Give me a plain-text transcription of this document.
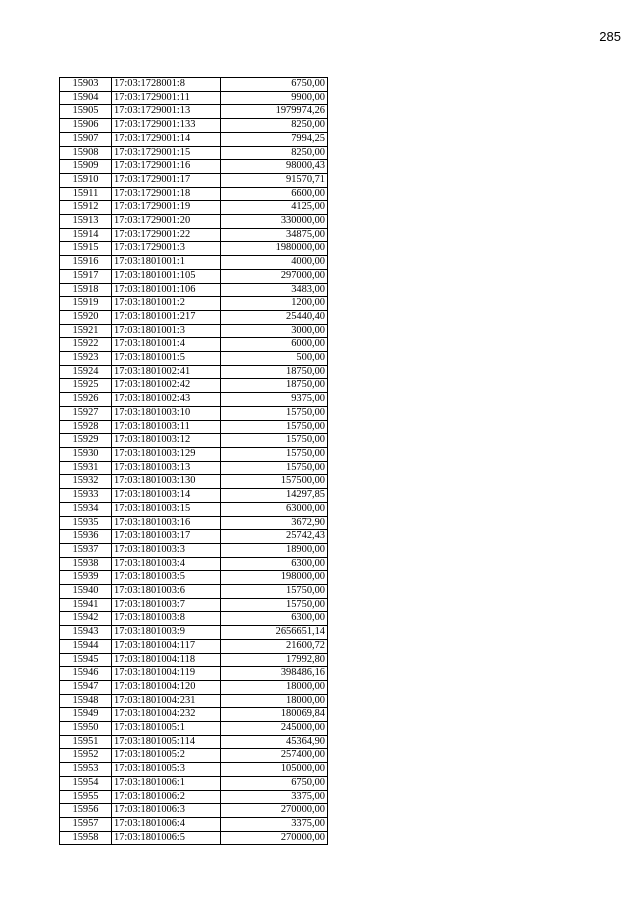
285
15903	17:03:1728001:8	6750,00
15904	17:03:1729001:11	9900,00
15905	17:03:1729001:13	1979974,26
15906	17:03:1729001:133	8250,00
15907	17:03:1729001:14	7994,25
15908	17:03:1729001:15	8250,00
15909	17:03:1729001:16	98000,43
15910	17:03:1729001:17	91570,71
15911	17:03:1729001:18	6600,00
15912	17:03:1729001:19	4125,00
15913	17:03:1729001:20	330000,00
15914	17:03:1729001:22	34875,00
15915	17:03:1729001:3	1980000,00
15916	17:03:1801001:1	4000,00
15917	17:03:1801001:105	297000,00
15918	17:03:1801001:106	3483,00
15919	17:03:1801001:2	1200,00
15920	17:03:1801001:217	25440,40
15921	17:03:1801001:3	3000,00
15922	17:03:1801001:4	6000,00
15923	17:03:1801001:5	500,00
15924	17:03:1801002:41	18750,00
15925	17:03:1801002:42	18750,00
15926	17:03:1801002:43	9375,00
15927	17:03:1801003:10	15750,00
15928	17:03:1801003:11	15750,00
15929	17:03:1801003:12	15750,00
15930	17:03:1801003:129	15750,00
15931	17:03:1801003:13	15750,00
15932	17:03:1801003:130	157500,00
15933	17:03:1801003:14	14297,85
15934	17:03:1801003:15	63000,00
15935	17:03:1801003:16	3672,90
15936	17:03:1801003:17	25742,43
15937	17:03:1801003:3	18900,00
15938	17:03:1801003:4	6300,00
15939	17:03:1801003:5	198000,00
15940	17:03:1801003:6	15750,00
15941	17:03:1801003:7	15750,00
15942	17:03:1801003:8	6300,00
15943	17:03:1801003:9	2656651,14
15944	17:03:1801004:117	21600,72
15945	17:03:1801004:118	17992,80
15946	17:03:1801004:119	398486,16
15947	17:03:1801004:120	18000,00
15948	17:03:1801004:231	18000,00
15949	17:03:1801004:232	180069,84
15950	17:03:1801005:1	245000,00
15951	17:03:1801005:114	45364,90
15952	17:03:1801005:2	257400,00
15953	17:03:1801005:3	105000,00
15954	17:03:1801006:1	6750,00
15955	17:03:1801006:2	3375,00
15956	17:03:1801006:3	270000,00
15957	17:03:1801006:4	3375,00
15958	17:03:1801006:5	270000,00
